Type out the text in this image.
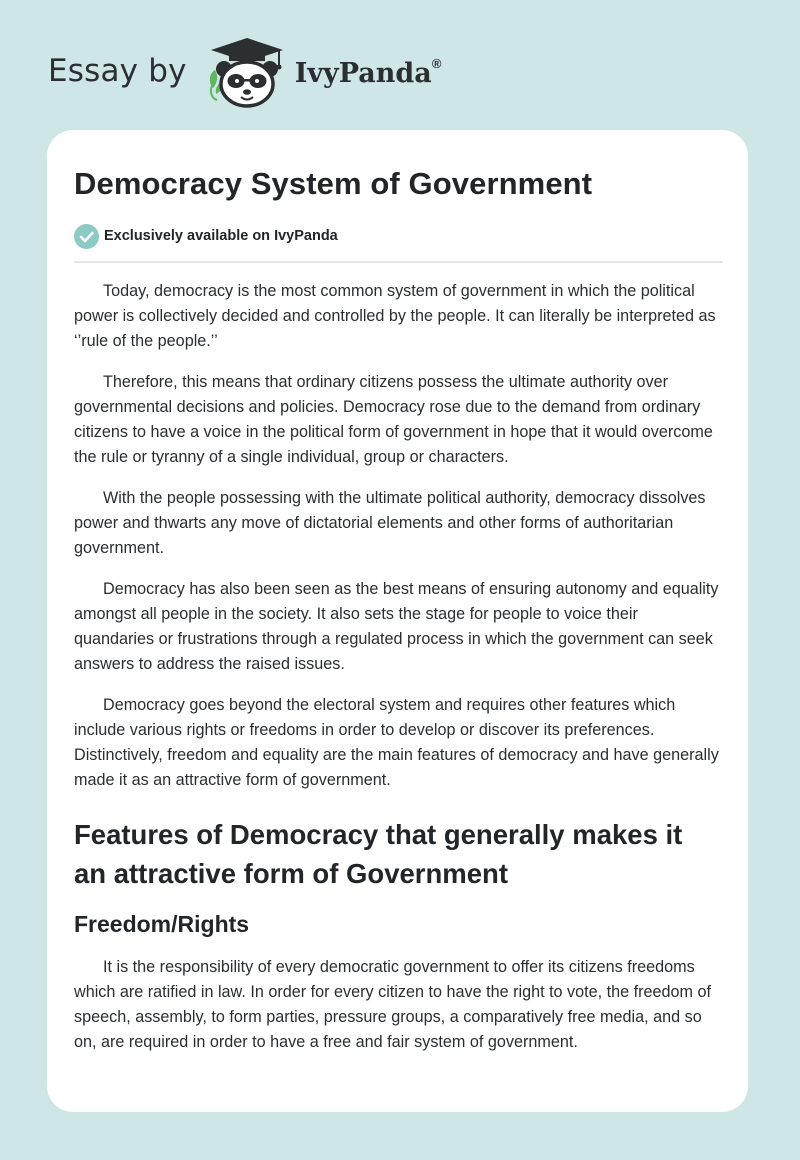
Essay by	IvyPanda®
Democracy System of Government
Exclusively available on IvyPanda

Today, democracy is the most common system of government in which the political power is collectively decided and controlled by the people. It can literally be interpreted as ‘’rule of the people.’’

Therefore, this means that ordinary citizens possess the ultimate authority over governmental decisions and policies. Democracy rose due to the demand from ordinary citizens to have a voice in the political form of government in hope that it would overcome the rule or tyranny of a single individual, group or characters.

With the people possessing with the ultimate political authority, democracy dissolves power and thwarts any move of dictatorial elements and other forms of authoritarian government.

Democracy has also been seen as the best means of ensuring autonomy and equality amongst all people in the society. It also sets the stage for people to voice their quandaries or frustrations through a regulated process in which the government can seek answers to address the raised issues.

Democracy goes beyond the electoral system and requires other features which include various rights or freedoms in order to develop or discover its preferences. Distinctively, freedom and equality are the main features of democracy and have generally made it as an attractive form of government.

Features of Democracy that generally makes it an attractive form of Government
Freedom/Rights

It is the responsibility of every democratic government to offer its citizens freedoms which are ratified in law. In order for every citizen to have the right to vote, the freedom of speech, assembly, to form parties, pressure groups, a comparatively free media, and so on, are required in order to have a free and fair system of government.
